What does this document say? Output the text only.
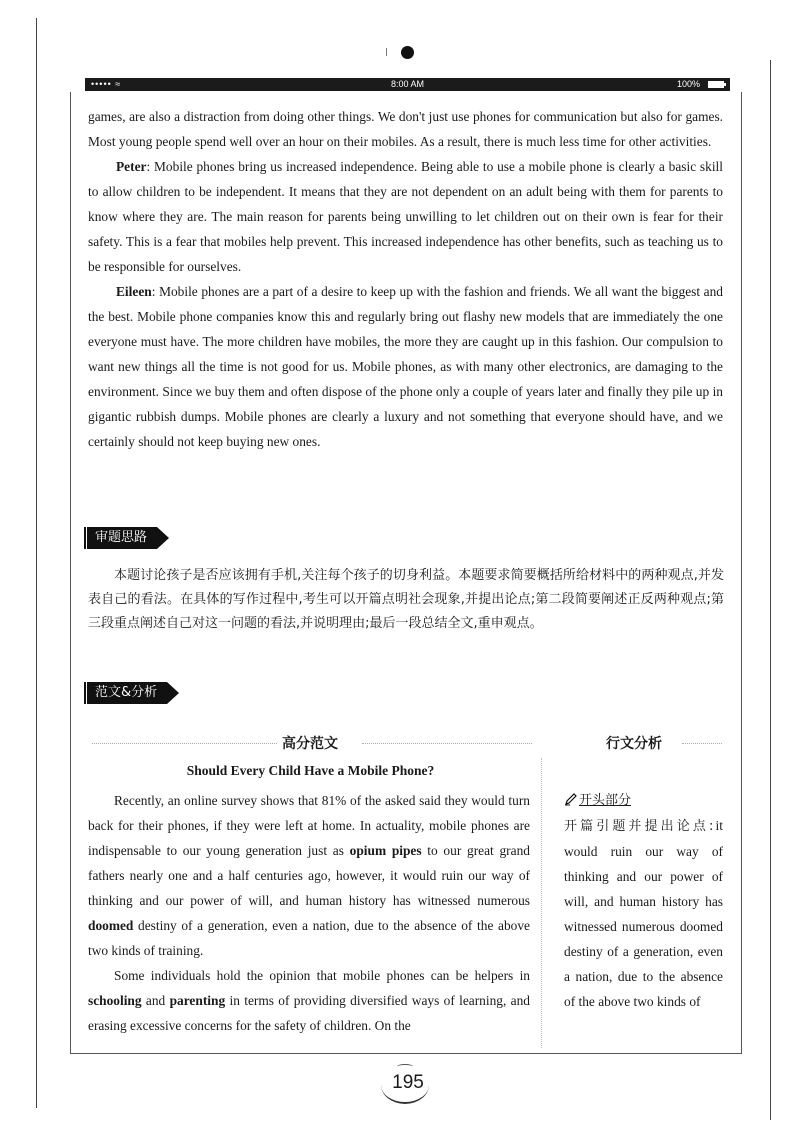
••••• ≈	8:00 AM	100%

games, are also a distraction from doing other things. We don't just use phones for communication but also for games. Most young people spend well over an hour on their mobiles. As a result, there is much less time for other activities.

Peter: Mobile phones bring us increased independence. Being able to use a mobile phone is clearly a basic skill to allow children to be independent. It means that they are not dependent on an adult being with them for parents to know where they are. The main reason for parents being unwilling to let children out on their own is fear for their safety. This is a fear that mobiles help prevent. This increased independence has other benefits, such as teaching us to be responsible for ourselves.

Eileen: Mobile phones are a part of a desire to keep up with the fashion and friends. We all want the biggest and the best. Mobile phone companies know this and regularly bring out flashy new models that are immediately the one everyone must have. The more children have mobiles, the more they are caught up in this fashion. Our compulsion to want new things all the time is not good for us. Mobile phones, as with many other electronics, are damaging to the environment. Since we buy them and often dispose of the phone only a couple of years later and finally they pile up in gigantic rubbish dumps. Mobile phones are clearly a luxury and not something that everyone should have, and we certainly should not keep buying new ones.

审题思路

本题讨论孩子是否应该拥有手机,关注每个孩子的切身利益。本题要求简要概括所给材料中的两种观点,并发表自己的看法。在具体的写作过程中,考生可以开篇点明社会现象,并提出论点;第二段简要阐述正反两种观点;第三段重点阐述自己对这一问题的看法,并说明理由;最后一段总结全文,重申观点。

范文&分析
高分范文	行文分析
Should Every Child Have a Mobile Phone?

Recently, an online survey shows that 81% of the asked said they would turn back for their phones, if they were left at home. In actuality, mobile phones are indispensable to our young generation just as opium pipes to our great grand fathers nearly one and a half centuries ago, however, it would ruin our way of thinking and our power of will, and human history has witnessed numerous doomed destiny of a generation, even a nation, due to the absence of the above two kinds of training.

Some individuals hold the opinion that mobile phones can be helpers in schooling and parenting in terms of providing diversified ways of learning, and erasing excessive concerns for the safety of children. On the

开头部分
开篇引题并提出论点:it would ruin our way of thinking and our power of will, and human history has witnessed numerous doomed destiny of a generation, even a nation, due to the absence of the above two kinds of
195
